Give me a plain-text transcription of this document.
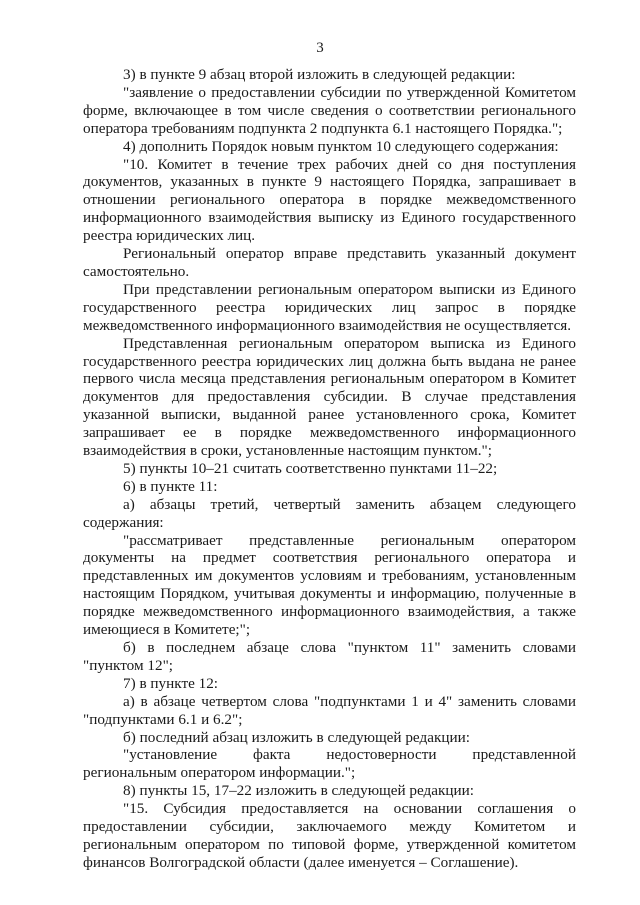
3

3) в пункте 9 абзац второй изложить в следующей редакции:

"заявление о предоставлении субсидии по утвержденной Комитетом форме, включающее в том числе сведения о соответствии регионального оператора требованиям подпункта 2 подпункта 6.1 настоящего Порядка.";

4) дополнить Порядок новым пунктом 10 следующего содержания:

"10. Комитет в течение трех рабочих дней со дня поступления документов, указанных в пункте 9 настоящего Порядка, запрашивает в отношении регионального оператора в порядке межведомственного информационного взаимодействия выписку из Единого государственного реестра юридических лиц.

Региональный оператор вправе представить указанный документ самостоятельно.

При представлении региональным оператором выписки из Единого государственного реестра юридических лиц запрос в порядке межведомственного информационного взаимодействия не осуществляется.

Представленная региональным оператором выписка из Единого государственного реестра юридических лиц должна быть выдана не ранее первого числа месяца представления региональным оператором в Комитет документов для предоставления субсидии. В случае представления указанной выписки, выданной ранее установленного срока, Комитет запрашивает ее в порядке межведомственного информационного взаимодействия в сроки, установленные настоящим пунктом.";

5) пункты 10–21 считать соответственно пунктами 11–22;

6) в пункте 11:

а) абзацы третий, четвертый заменить абзацем следующего содержания:

"рассматривает представленные региональным оператором документы на предмет соответствия регионального оператора и представленных им документов условиям и требованиям, установленным настоящим Порядком, учитывая документы и информацию, полученные в порядке межведомственного информационного взаимодействия, а также имеющиеся в Комитете;";

б) в последнем абзаце слова "пунктом 11" заменить словами "пунктом 12";

7) в пункте 12:

а) в абзаце четвертом слова "подпунктами 1 и 4" заменить словами "подпунктами 6.1 и 6.2";

б) последний абзац изложить в следующей редакции:

"установление факта недостоверности представленной региональным оператором информации.";

8) пункты 15, 17–22 изложить в следующей редакции:

"15. Субсидия предоставляется на основании соглашения о предоставлении субсидии, заключаемого между Комитетом и региональным оператором по типовой форме, утвержденной комитетом финансов Волгоградской области (далее именуется – Соглашение).
